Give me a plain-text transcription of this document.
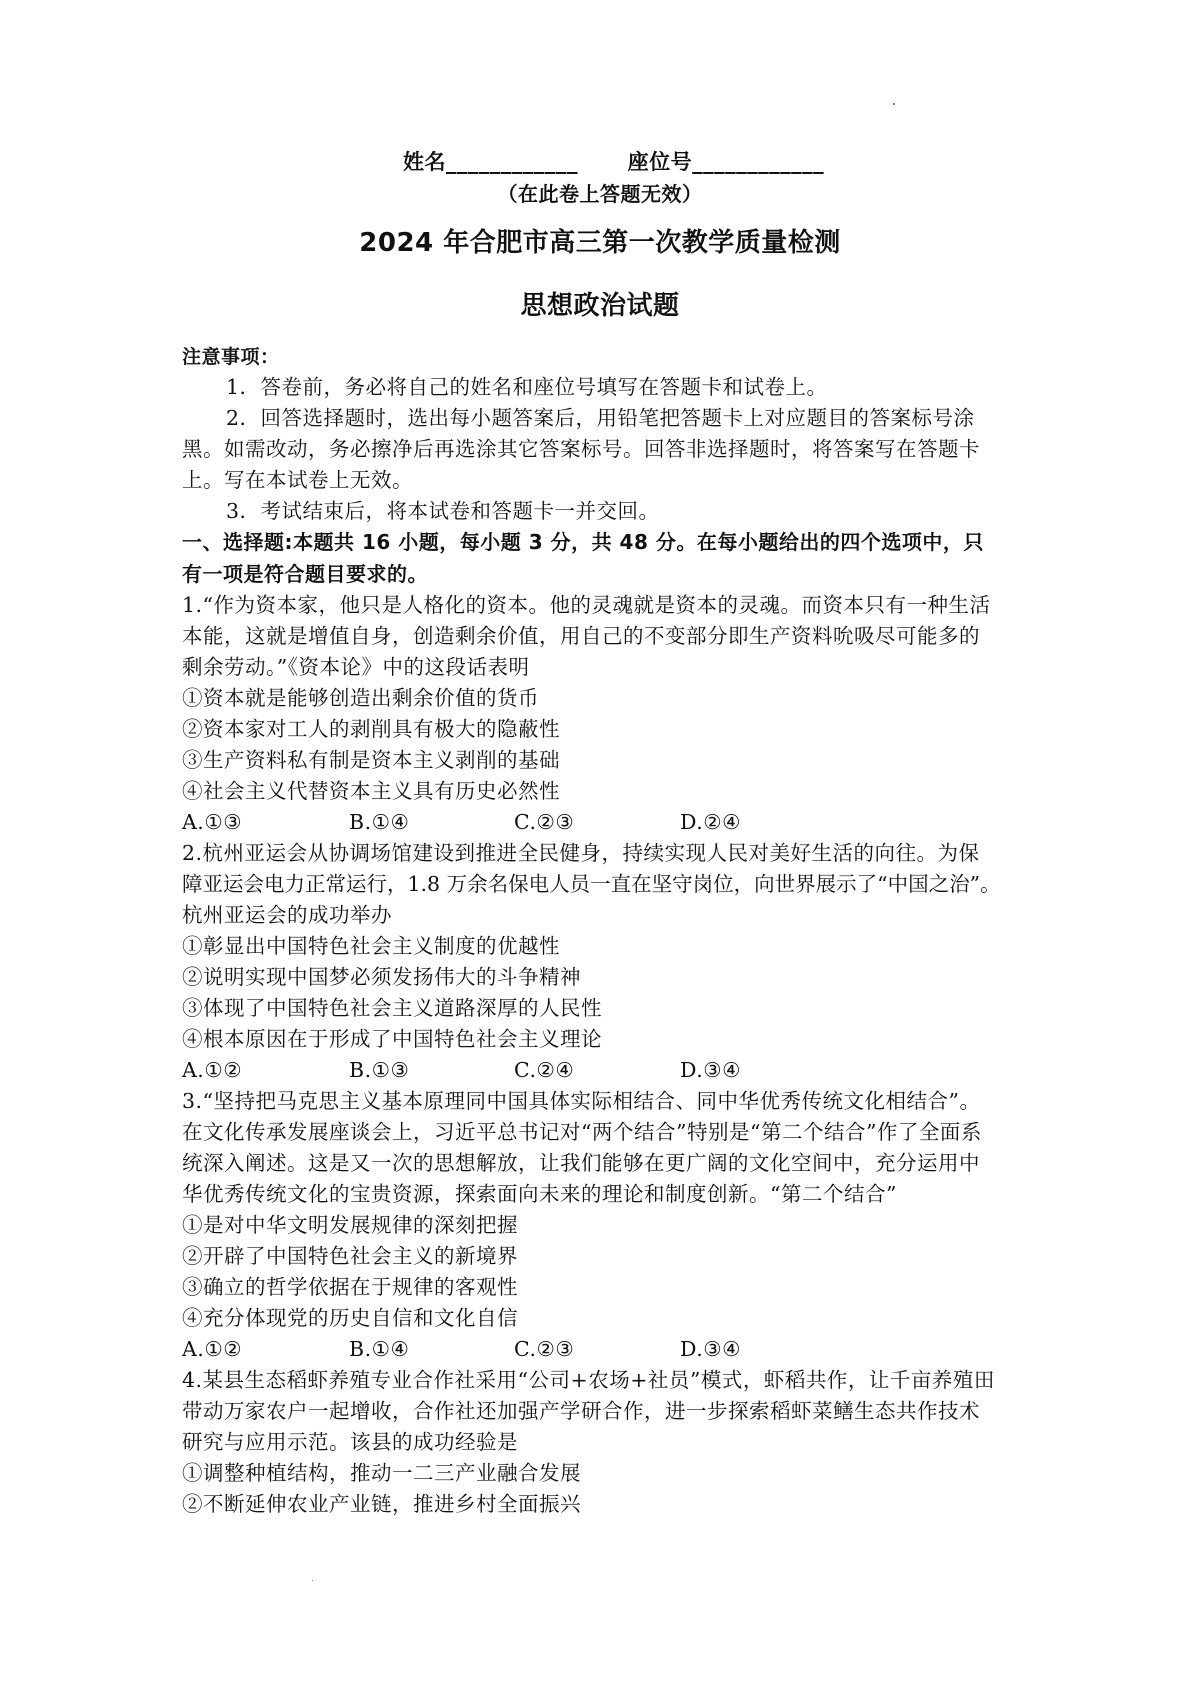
姓名____________ 座位号____________
（在此卷上答题无效）
2024 年合肥市高三第一次教学质量检测
思想政治试题
注意事项：
1．答卷前，务必将自己的姓名和座位号填写在答题卡和试卷上。
2．回答选择题时，选出每小题答案后，用铅笔把答题卡上对应题目的答案标号涂
黑。如需改动，务必擦净后再选涂其它答案标号。回答非选择题时，将答案写在答题卡
上。写在本试卷上无效。
3．考试结束后，将本试卷和答题卡一并交回。
一、选择题:本题共 16 小题，每小题 3 分，共 48 分。在每小题给出的四个选项中，只
有一项是符合题目要求的。
1.“作为资本家，他只是人格化的资本。他的灵魂就是资本的灵魂。而资本只有一种生活
本能，这就是增值自身，创造剩余价值，用自己的不变部分即生产资料吮吸尽可能多的
剩余劳动。”《资本论》中的这段话表明
①资本就是能够创造出剩余价值的货币
②资本家对工人的剥削具有极大的隐蔽性
③生产资料私有制是资本主义剥削的基础
④社会主义代替资本主义具有历史必然性
A.①③	B.①④	C.②③	D.②④
2.杭州亚运会从协调场馆建设到推进全民健身，持续实现人民对美好生活的向往。为保
障亚运会电力正常运行，1.8 万余名保电人员一直在坚守岗位，向世界展示了“中国之治”。
杭州亚运会的成功举办
①彰显出中国特色社会主义制度的优越性
②说明实现中国梦必须发扬伟大的斗争精神
③体现了中国特色社会主义道路深厚的人民性
④根本原因在于形成了中国特色社会主义理论
A.①②	B.①③	C.②④	D.③④
3.“坚持把马克思主义基本原理同中国具体实际相结合、同中华优秀传统文化相结合”。
在文化传承发展座谈会上，习近平总书记对“两个结合”特别是“第二个结合”作了全面系
统深入阐述。这是又一次的思想解放，让我们能够在更广阔的文化空间中，充分运用中
华优秀传统文化的宝贵资源，探索面向未来的理论和制度创新。“第二个结合”
①是对中华文明发展规律的深刻把握
②开辟了中国特色社会主义的新境界
③确立的哲学依据在于规律的客观性
④充分体现党的历史自信和文化自信
A.①②	B.①④	C.②③	D.③④
4.某县生态稻虾养殖专业合作社采用“公司+农场+社员”模式，虾稻共作，让千亩养殖田
带动万家农户一起增收，合作社还加强产学研合作，进一步探索稻虾菜鳝生态共作技术
研究与应用示范。该县的成功经验是
①调整种植结构，推动一二三产业融合发展
②不断延伸农业产业链，推进乡村全面振兴
